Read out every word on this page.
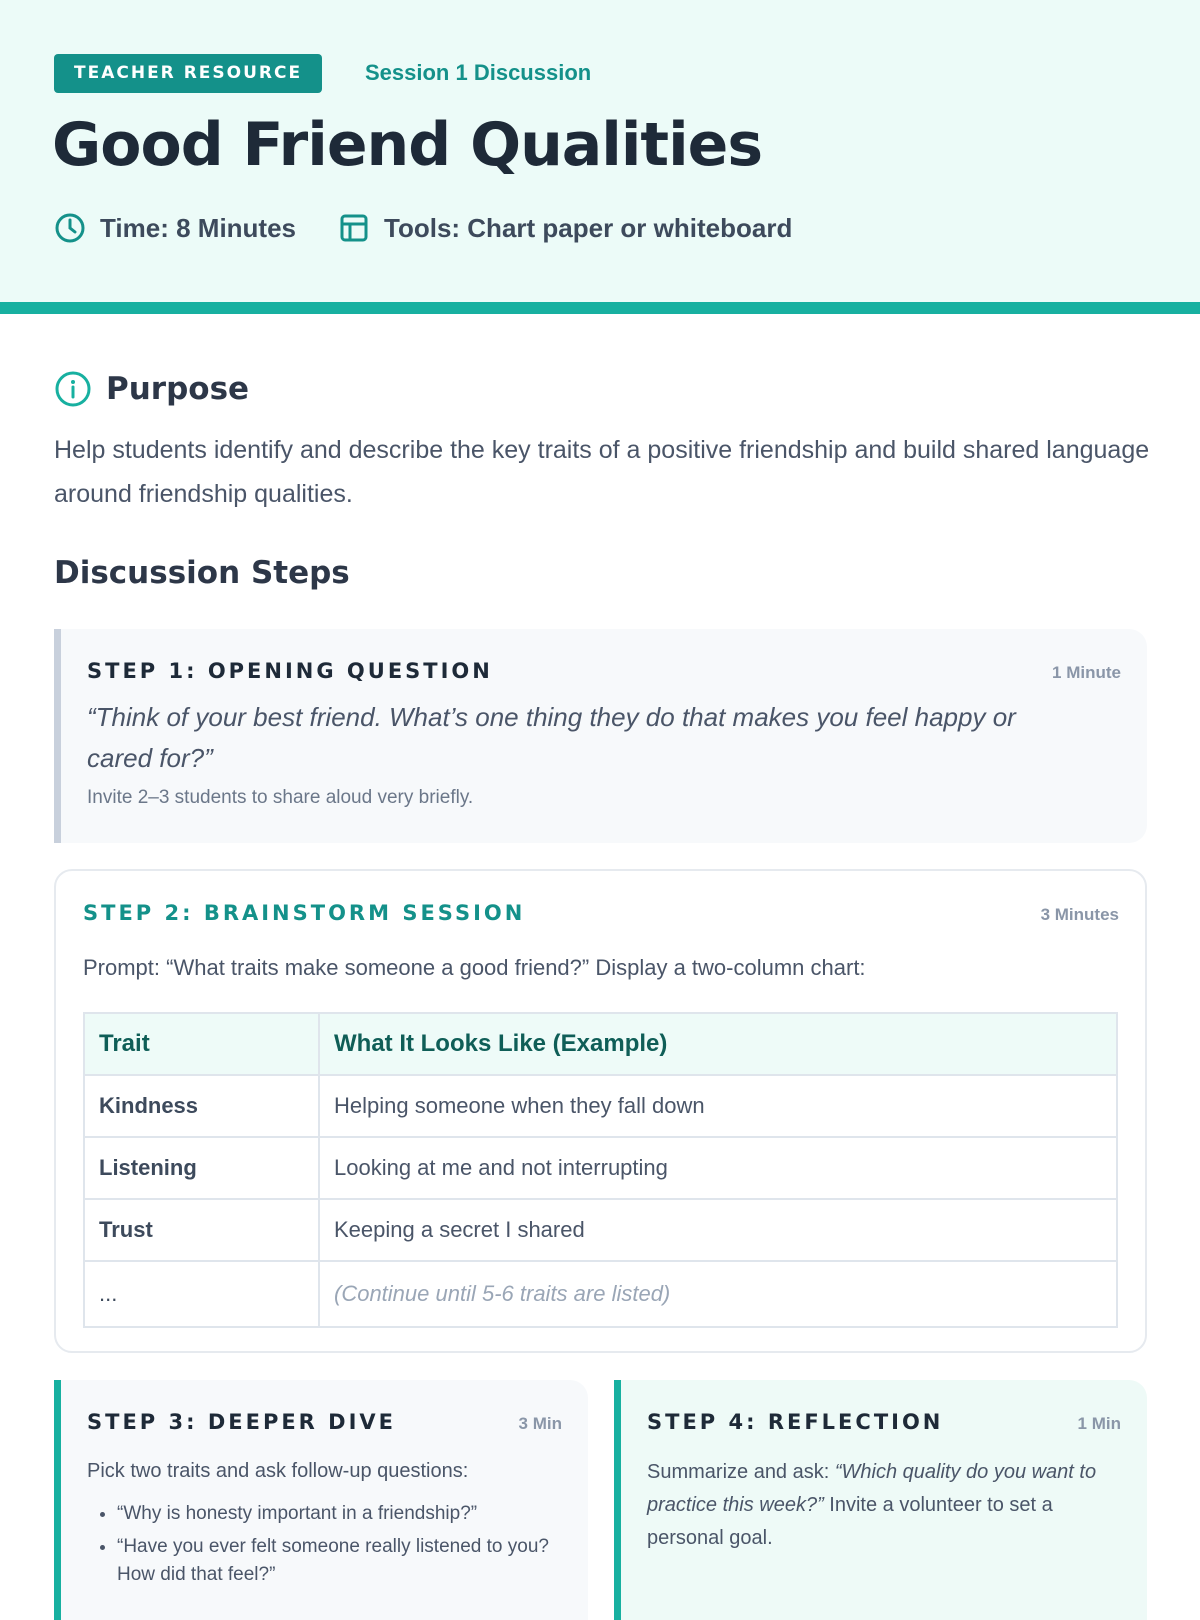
TEACHER RESOURCE	Session 1 Discussion
Good Friend Qualities
Time: 8 Minutes	Tools: Chart paper or whiteboard
Purpose

Help students identify and describe the key traits of a positive friendship and build shared language around friendship qualities.

Discussion Steps
STEP 1: OPENING QUESTION	1 Minute
“Think of your best friend. What’s one thing they do that makes you feel happy or cared for?”
Invite 2–3 students to share aloud very briefly.
STEP 2: BRAINSTORM SESSION	3 Minutes
Prompt: “What traits make someone a good friend?” Display a two-column chart:
Trait	What It Looks Like (Example)
Kindness	Helping someone when they fall down
Listening	Looking at me and not interrupting
Trust	Keeping a secret I shared
...	(Continue until 5-6 traits are listed)
STEP 3: DEEPER DIVE	3 Min
Pick two traits and ask follow-up questions:
• “Why is honesty important in a friendship?”
• “Have you ever felt someone really listened to you? How did that feel?”
STEP 4: REFLECTION	1 Min
Summarize and ask: “Which quality do you want to practice this week?” Invite a volunteer to set a personal goal.
